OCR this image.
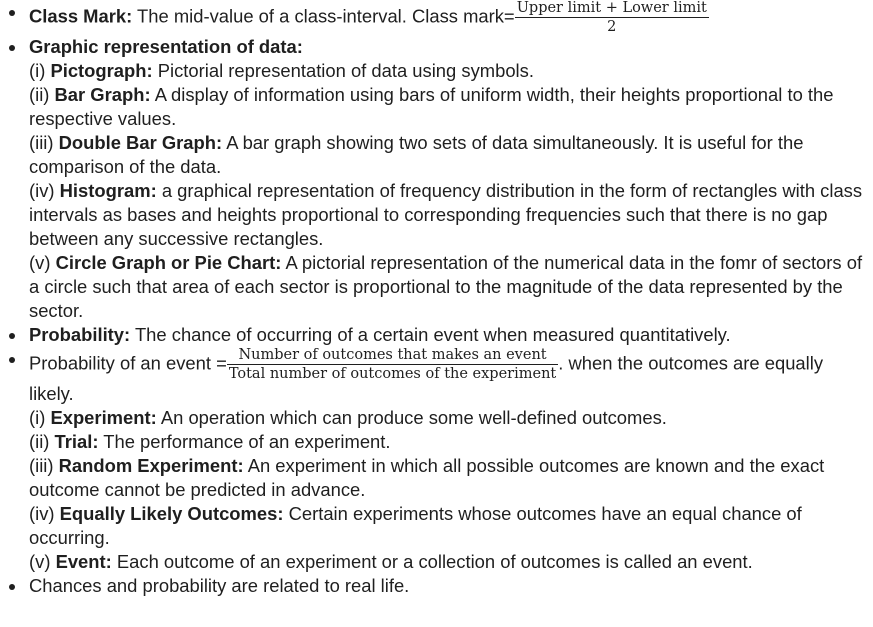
Class Mark: The mid-value of a class-interval. Class mark= $\frac{\text{Upper limit + Lower limit}}{2}$
Graphic representation of data:
(i) Pictograph: Pictorial representation of data using symbols.
(ii) Bar Graph: A display of information using bars of uniform width, their heights proportional to the respective values.
(iii) Double Bar Graph: A bar graph showing two sets of data simultaneously. It is useful for the comparison of the data.
(iv) Histogram: a graphical representation of frequency distribution in the form of rectangles with class intervals as bases and heights proportional to corresponding frequencies such that there is no gap between any successive rectangles.
(v) Circle Graph or Pie Chart: A pictorial representation of the numerical data in the fomr of sectors of a circle such that area of each sector is proportional to the magnitude of the data represented by the sector.
Probability: The chance of occurring of a certain event when measured quantitatively.
Probability of an event = $\frac{\text{Number of outcomes that makes an event}}{\text{Total number of outcomes of the experiment}}$ . when the outcomes are equally likely.
(i) Experiment: An operation which can produce some well-defined outcomes.
(ii) Trial: The performance of an experiment.
(iii) Random Experiment: An experiment in which all possible outcomes are known and the exact outcome cannot be predicted in advance.
(iv) Equally Likely Outcomes: Certain experiments whose outcomes have an equal chance of occurring.
(v) Event: Each outcome of an experiment or a collection of outcomes is called an event.
Chances and probability are related to real life.
